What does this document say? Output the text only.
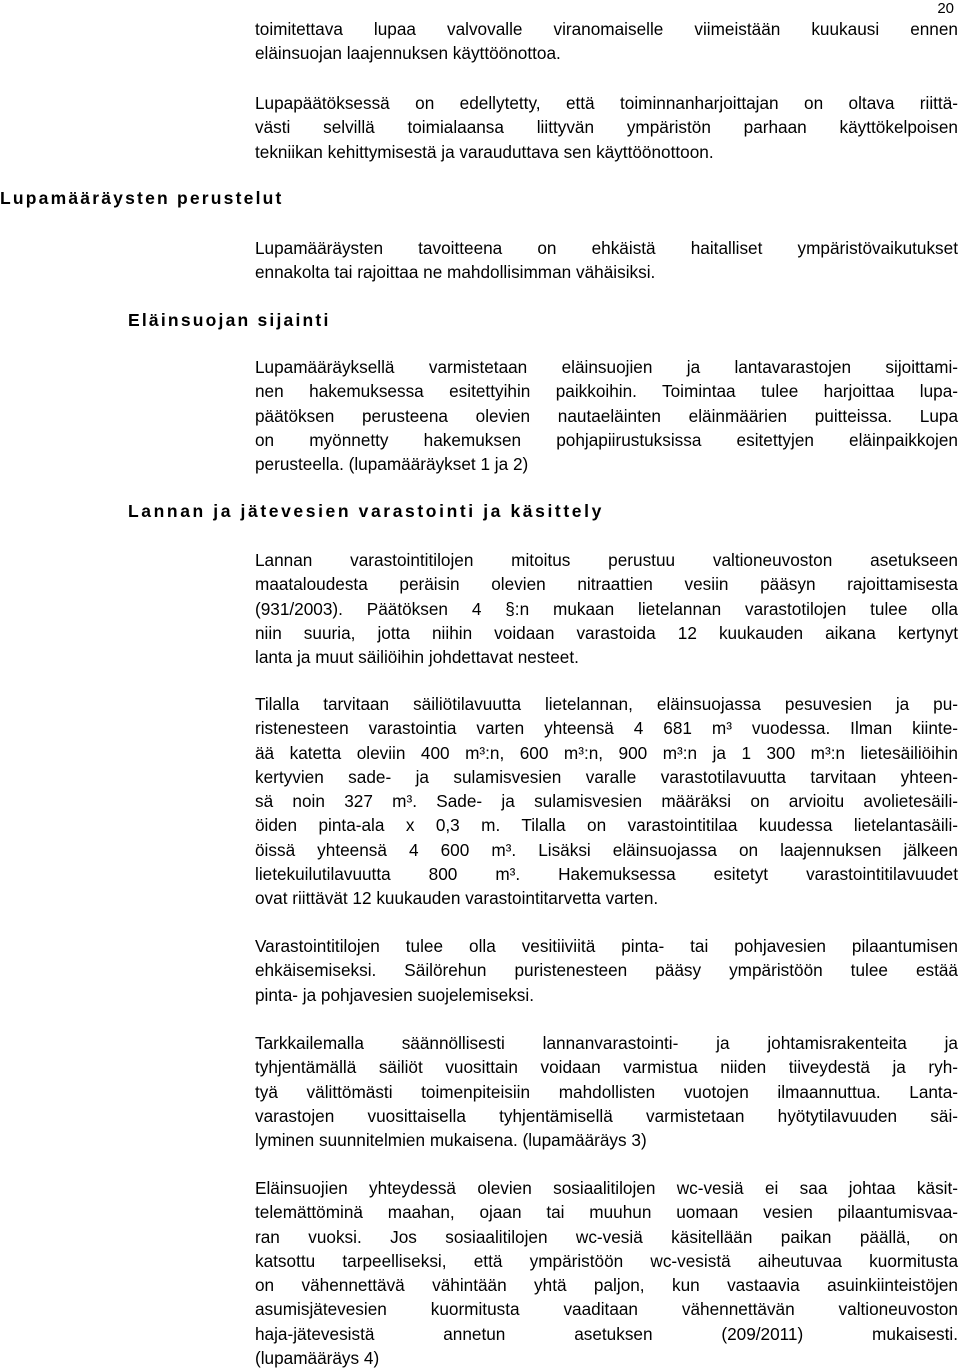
20
Lupamääräysten perustelut
Eläinsuojan sijainti
Lannan ja jätevesien varastointi ja käsittely
toimitettava lupaa valvovalle viranomaiselle viimeistään kuukausi ennen
eläinsuojan laajennuksen käyttöönottoa.
Lupapäätöksessä on edellytetty, että toiminnanharjoittajan on oltava riittä-
västi selvillä toimialaansa liittyvän ympäristön parhaan käyttökelpoisen
tekniikan kehittymisestä ja varauduttava sen käyttöönottoon.
Lupamääräysten tavoitteena on ehkäistä haitalliset ympäristövaikutukset
ennakolta tai rajoittaa ne mahdollisimman vähäisiksi.
Lupamääräyksellä varmistetaan eläinsuojien ja lantavarastojen sijoittami-
nen hakemuksessa esitettyihin paikkoihin. Toimintaa tulee harjoittaa lupa-
päätöksen perusteena olevien nautaeläinten eläinmäärien puitteissa. Lupa
on myönnetty hakemuksen pohjapiirustuksissa esitettyjen eläinpaikkojen
perusteella. (lupamääräykset 1 ja 2)
Lannan varastointitilojen mitoitus perustuu valtioneuvoston asetukseen
maataloudesta peräisin olevien nitraattien vesiin pääsyn rajoittamisesta
(931/2003). Päätöksen 4 §:n mukaan lietelannan varastotilojen tulee olla
niin suuria, jotta niihin voidaan varastoida 12 kuukauden aikana kertynyt
lanta ja muut säiliöihin johdettavat nesteet.
Tilalla tarvitaan säiliötilavuutta lietelannan, eläinsuojassa pesuvesien ja pu-
ristenesteen varastointia varten yhteensä 4 681 m³ vuodessa. Ilman kiinte-
ää katetta oleviin 400 m³:n, 600 m³:n, 900 m³:n ja 1 300 m³:n lietesäiliöihin
kertyvien sade- ja sulamisvesien varalle varastotilavuutta tarvitaan yhteen-
sä noin 327 m³. Sade- ja sulamisvesien määräksi on arvioitu avolietesäili-
öiden pinta-ala x 0,3 m. Tilalla on varastointitilaa kuudessa lietelantasäili-
öissä yhteensä 4 600 m³. Lisäksi eläinsuojassa on laajennuksen jälkeen
lietekuilutilavuutta 800 m³. Hakemuksessa esitetyt varastointitilavuudet
ovat riittävät 12 kuukauden varastointitarvetta varten.
Varastointitilojen tulee olla vesitiiviitä pinta- tai pohjavesien pilaantumisen
ehkäisemiseksi. Säilörehun puristenesteen pääsy ympäristöön tulee estää
pinta- ja pohjavesien suojelemiseksi.
Tarkkailemalla säännöllisesti lannanvarastointi- ja johtamisrakenteita ja
tyhjentämällä säiliöt vuosittain voidaan varmistua niiden tiiveydestä ja ryh-
tyä välittömästi toimenpiteisiin mahdollisten vuotojen ilmaannuttua. Lanta-
varastojen vuosittaisella tyhjentämisellä varmistetaan hyötytilavuuden säi-
lyminen suunnitelmien mukaisena. (lupamääräys 3)
Eläinsuojien yhteydessä olevien sosiaalitilojen wc-vesiä ei saa johtaa käsit-
telemättöminä maahan, ojaan tai muuhun uomaan vesien pilaantumisvaa-
ran vuoksi. Jos sosiaalitilojen wc-vesiä käsitellään paikan päällä, on
katsottu tarpeelliseksi, että ympäristöön wc-vesistä aiheutuvaa kuormitusta
on vähennettävä vähintään yhtä paljon, kun vastaavia asuinkiinteistöjen
asumisjätevesien kuormitusta vaaditaan vähennettävän valtioneuvoston
haja-jätevesistä annetun asetuksen (209/2011) mukaisesti.
(lupamääräys 4)
